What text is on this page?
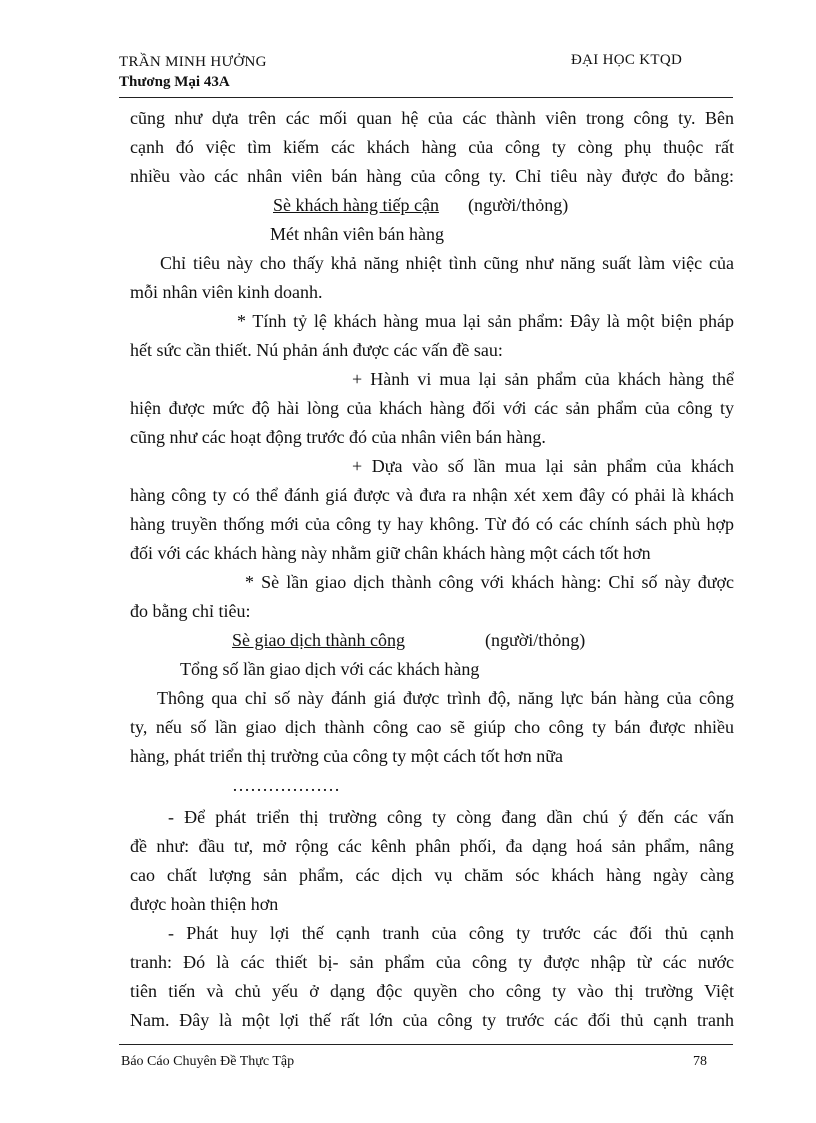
TRẦN MINH HƯỞNG
Thương Mại 43A
ĐẠI HỌC KTQD
cũng như dựa trên các mối quan hệ của các thành viên trong công ty. Bên
cạnh đó việc tìm kiếm các khách hàng của công ty còng phụ thuộc rất
nhiều vào các nhân viên bán hàng của công ty. Chỉ tiêu này được đo bằng:
Sè khách hàng tiếp cận (người/thỏng)
Mét nhân viên bán hàng
Chỉ tiêu này cho thấy khả năng nhiệt tình cũng như năng suất làm việc của
mỗi nhân viên kinh doanh.
* Tính tỷ lệ khách hàng mua lại sản phẩm: Đây là một biện pháp
hết sức cần thiết. Nú phản ánh được các vấn đề sau:
+ Hành vi mua lại sản phẩm của khách hàng thể
hiện được mức độ hài lòng của khách hàng đối với các sản phẩm của công ty
cũng như các hoạt động trước đó của nhân viên bán hàng.
+ Dựa vào số lần mua lại sản phẩm của khách
hàng công ty có thể đánh giá được và đưa ra nhận xét xem đây có phải là khách
hàng truyền thống mới của công ty hay không. Từ đó có các chính sách phù hợp
đối với các khách hàng này nhằm giữ chân khách hàng một cách tốt hơn
* Sè lần giao dịch thành công với khách hàng: Chỉ số này được
đo bằng chỉ tiêu:
Sè giao dịch thành công	(người/thỏng)
Tổng số lần giao dịch với các khách hàng
Thông qua chỉ số này đánh giá được trình độ, năng lực bán hàng của công
ty, nếu số lần giao dịch thành công cao sẽ giúp cho công ty bán được nhiều
hàng, phát triển thị trường của công ty một cách tốt hơn nữa
………………
- Để phát triển thị trường công ty còng đang dần chú ý đến các vấn
đề như: đầu tư, mở rộng các kênh phân phối, đa dạng hoá sản phẩm, nâng
cao chất lượng sản phẩm, các dịch vụ chăm sóc khách hàng ngày càng
được hoàn thiện hơn
- Phát huy lợi thế cạnh tranh của công ty trước các đối thủ cạnh
tranh: Đó là các thiết bị- sản phẩm của công ty được nhập từ các nước
tiên tiến và chủ yếu ở dạng độc quyền cho công ty vào thị trường Việt
Nam. Đây là một lợi thế rất lớn của công ty trước các đối thủ cạnh tranh
Báo Cáo Chuyên Đề Thực Tập	78
